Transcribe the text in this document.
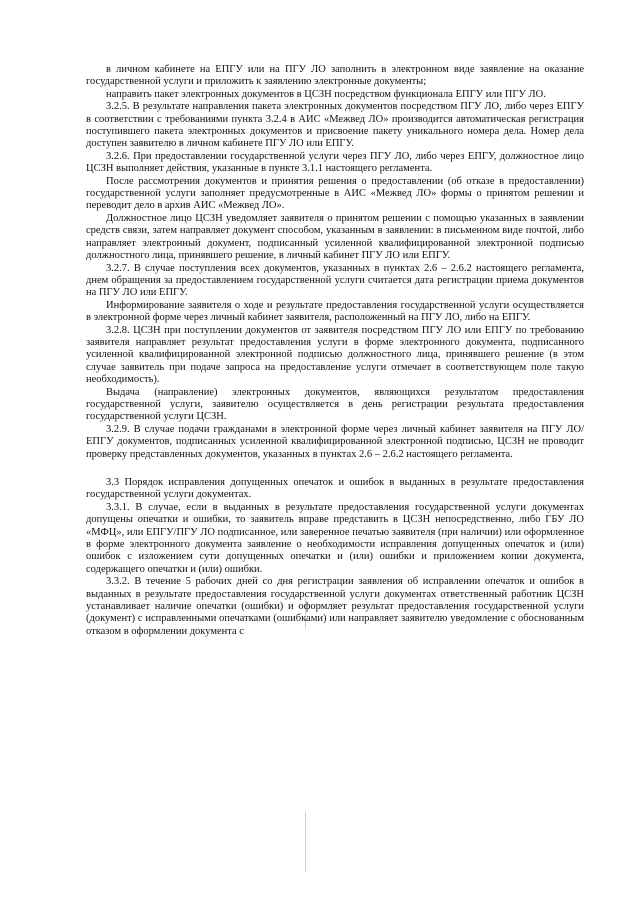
в личном кабинете на ЕПГУ или на ПГУ ЛО заполнить в электронном виде заявление на оказание государственной услуги и приложить к заявлению электронные документы;

направить пакет электронных документов в ЦСЗН посредством функционала ЕПГУ или ПГУ ЛО.

3.2.5. В результате направления пакета электронных документов посредством ПГУ ЛО, либо через ЕПГУ в соответствии с требованиями пункта 3.2.4 в АИС «Межвед ЛО» производится автоматическая регистрация поступившего пакета электронных документов и присвоение пакету уникального номера дела. Номер дела доступен заявителю в личном кабинете ПГУ ЛО или ЕПГУ.

3.2.6. При предоставлении государственной услуги через ПГУ ЛО, либо через ЕПГУ, должностное лицо ЦСЗН выполняет действия, указанные в пункте 3.1.1 настоящего регламента.

После рассмотрения документов и принятия решения о предоставлении (об отказе в предоставлении) государственной услуги заполняет предусмотренные в АИС «Межвед ЛО» формы о принятом решении и переводит дело в архив АИС «Межвед ЛО».

Должностное лицо ЦСЗН уведомляет заявителя о принятом решении с помощью указанных в заявлении средств связи, затем направляет документ способом, указанным в заявлении: в письменном виде почтой, либо направляет электронный документ, подписанный усиленной квалифицированной электронной подписью должностного лица, принявшего решение, в личный кабинет ПГУ ЛО или ЕПГУ.

3.2.7. В случае поступления всех документов, указанных в пунктах 2.6 – 2.6.2 настоящего регламента, днем обращения за предоставлением государственной услуги считается дата регистрации приема документов на ПГУ ЛО или ЕПГУ.

Информирование заявителя о ходе и результате предоставления государственной услуги осуществляется в электронной форме через личный кабинет заявителя, расположенный на ПГУ ЛО, либо на ЕПГУ.

3.2.8. ЦСЗН при поступлении документов от заявителя посредством ПГУ ЛО или ЕПГУ по требованию заявителя направляет результат предоставления услуги в форме электронного документа, подписанного усиленной квалифицированной электронной подписью должностного лица, принявшего решение (в этом случае заявитель при подаче запроса на предоставление услуги отмечает в соответствующем поле такую необходимость).

Выдача (направление) электронных документов, являющихся результатом предоставления государственной услуги, заявителю осуществляется в день регистрации результата предоставления государственной услуги ЦСЗН.

3.2.9. В случае подачи гражданами в электронной форме через личный кабинет заявителя на ПГУ ЛО/ ЕПГУ документов, подписанных усиленной квалифицированной электронной подписью, ЦСЗН не проводит проверку представленных документов, указанных в пунктах 2.6 – 2.6.2 настоящего регламента.

3.3 Порядок исправления допущенных опечаток и ошибок в выданных в результате предоставления государственной услуги документах.

3.3.1. В случае, если в выданных в результате предоставления государственной услуги документах допущены опечатки и ошибки, то заявитель вправе представить в ЦСЗН непосредственно, либо ГБУ ЛО «МФЦ», или ЕПГУ/ПГУ ЛО подписанное, или заверенное печатью заявителя (при наличии) или оформленное в форме электронного документа заявление о необходимости исправления допущенных опечаток и (или) ошибок с изложением сути допущенных опечатки и (или) ошибки и приложением копии документа, содержащего опечатки и (или) ошибки.

3.3.2. В течение 5 рабочих дней со дня регистрации заявления об исправлении опечаток и ошибок в выданных в результате предоставления государственной услуги документах ответственный работник ЦСЗН устанавливает наличие опечатки (ошибки) и оформляет результат предоставления государственной услуги (документ) с исправленными опечатками (ошибками) или направляет заявителю уведомление с обоснованным отказом в оформлении документа с
